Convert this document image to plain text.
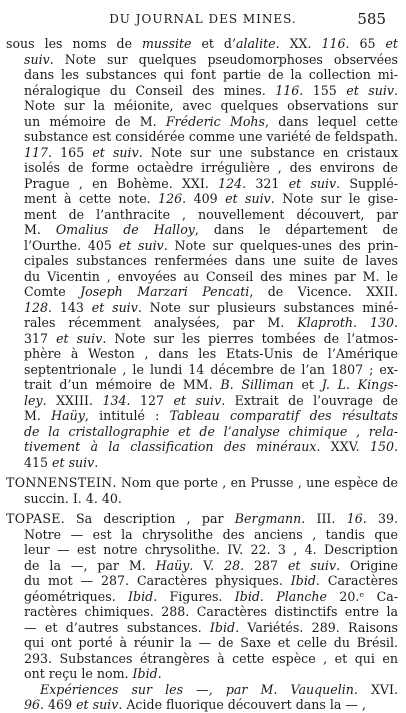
DU JOURNAL DES MINES.	585
sous les noms de mussite et d’alalite. XX. 116. 65 et
suiv. Note sur quelques pseudomorphoses observées
dans les substances qui font partie de la collection mi-
néralogique du Conseil des mines. 116. 155 et suiv.
Note sur la méionite, avec quelques observations sur
un mémoire de M. Fréderic Mohs, dans lequel cette
substance est considérée comme une variété de feldspath.
117. 165 et suiv. Note sur une substance en cristaux
isolés de forme octaèdre irrégulière , des environs de
Prague , en Bohème. XXI. 124. 321 et suiv. Supplé-
ment à cette note. 126. 409 et suiv. Note sur le gise-
ment de l’anthracite , nouvellement découvert, par
M. Omalius de Halloy, dans le département de
l’Ourthe. 405 et suiv. Note sur quelques-unes des prin-
cipales substances renfermées dans une suite de laves
du Vicentin , envoyées au Conseil des mines par M. le
Comte Joseph Marzari Pencati, de Vicence. XXII.
128. 143 et suiv. Note sur plusieurs substances miné-
rales récemment analysées, par M. Klaproth. 130.
317 et suiv. Note sur les pierres tombées de l’atmos-
phère à Weston , dans les Etats-Unis de l’Amérique
septentrionale , le lundi 14 décembre de l’an 1807 ; ex-
trait d’un mémoire de MM. B. Silliman et J. L. Kings-
ley. XXIII. 134. 127 et suiv. Extrait de l’ouvrage de
M. Haüy, intitulé : Tableau comparatif des résultats
de la cristallographie et de l’analyse chimique , rela-
tivement à la classification des minéraux. XXV. 150.
415 et suiv.
TONNENSTEIN. Nom que porte , en Prusse , une espèce de
succin. I. 4. 40.
TOPASE. Sa description , par Bergmann. III. 16. 39.
Notre — est la chrysolithe des anciens , tandis que
leur — est notre chrysolithe. IV. 22. 3 , 4. Description
de la —, par M. Haüy. V. 28. 287 et suiv. Origine
du mot — 287. Caractères physiques. Ibid. Caractères
géométriques. Ibid. Figures. Ibid. Planche 20.ᵉ Ca-
ractères chimiques. 288. Caractères distinctifs entre la
— et d’autres substances. Ibid. Variétés. 289. Raisons
qui ont porté à réunir la — de Saxe et celle du Brésil.
293. Substances étrangères à cette espèce , et qui en
ont reçu le nom. Ibid.
Expériences sur les —, par M. Vauquelin. XVI.
96. 469 et suiv. Acide fluorique découvert dans la — ,
